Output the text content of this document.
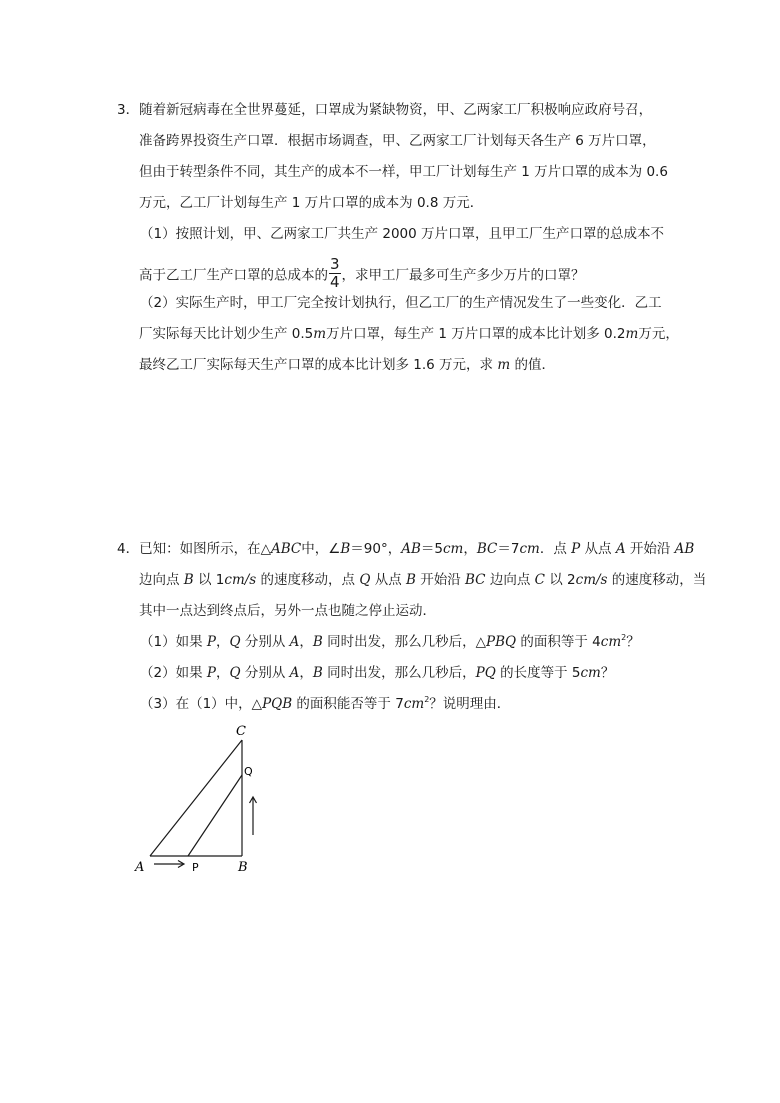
3．随着新冠病毒在全世界蔓延，口罩成为紧缺物资，甲、乙两家工厂积极响应政府号召，
准备跨界投资生产口罩．根据市场调查，甲、乙两家工厂计划每天各生产 6 万片口罩，
但由于转型条件不同，其生产的成本不一样，甲工厂计划每生产 1 万片口罩的成本为 0.6
万元，乙工厂计划每生产 1 万片口罩的成本为 0.8 万元．
（1）按照计划，甲、乙两家工厂共生产 2000 万片口罩，且甲工厂生产口罩的总成本不
高于乙工厂生产口罩的总成本的 $\frac{3}{4}$ ，求甲工厂最多可生产多少万片的口罩？
（2）实际生产时，甲工厂完全按计划执行，但乙工厂的生产情况发生了一些变化．乙工
厂实际每天比计划少生产 0.5m万片口罩，每生产 1 万片口罩的成本比计划多 0.2m万元，
最终乙工厂实际每天生产口罩的成本比计划多 1.6 万元，求 m 的值．
4．已知：如图所示，在△ABC中，∠B＝90°，AB＝5cm，BC＝7cm．点 P 从点 A 开始沿 AB
边向点 B 以 1cm/s 的速度移动，点 Q 从点 B 开始沿 BC 边向点 C 以 2cm/s 的速度移动，当
其中一点达到终点后，另外一点也随之停止运动．
（1）如果 P，Q 分别从 A，B 同时出发，那么几秒后，△PBQ 的面积等于 $4cm^2$？
（2）如果 P，Q 分别从 A，B 同时出发，那么几秒后，PQ 的长度等于 5cm？
（3）在（1）中，△PQB 的面积能否等于 $7cm^2$？说明理由．
A	B
C
P
Q
